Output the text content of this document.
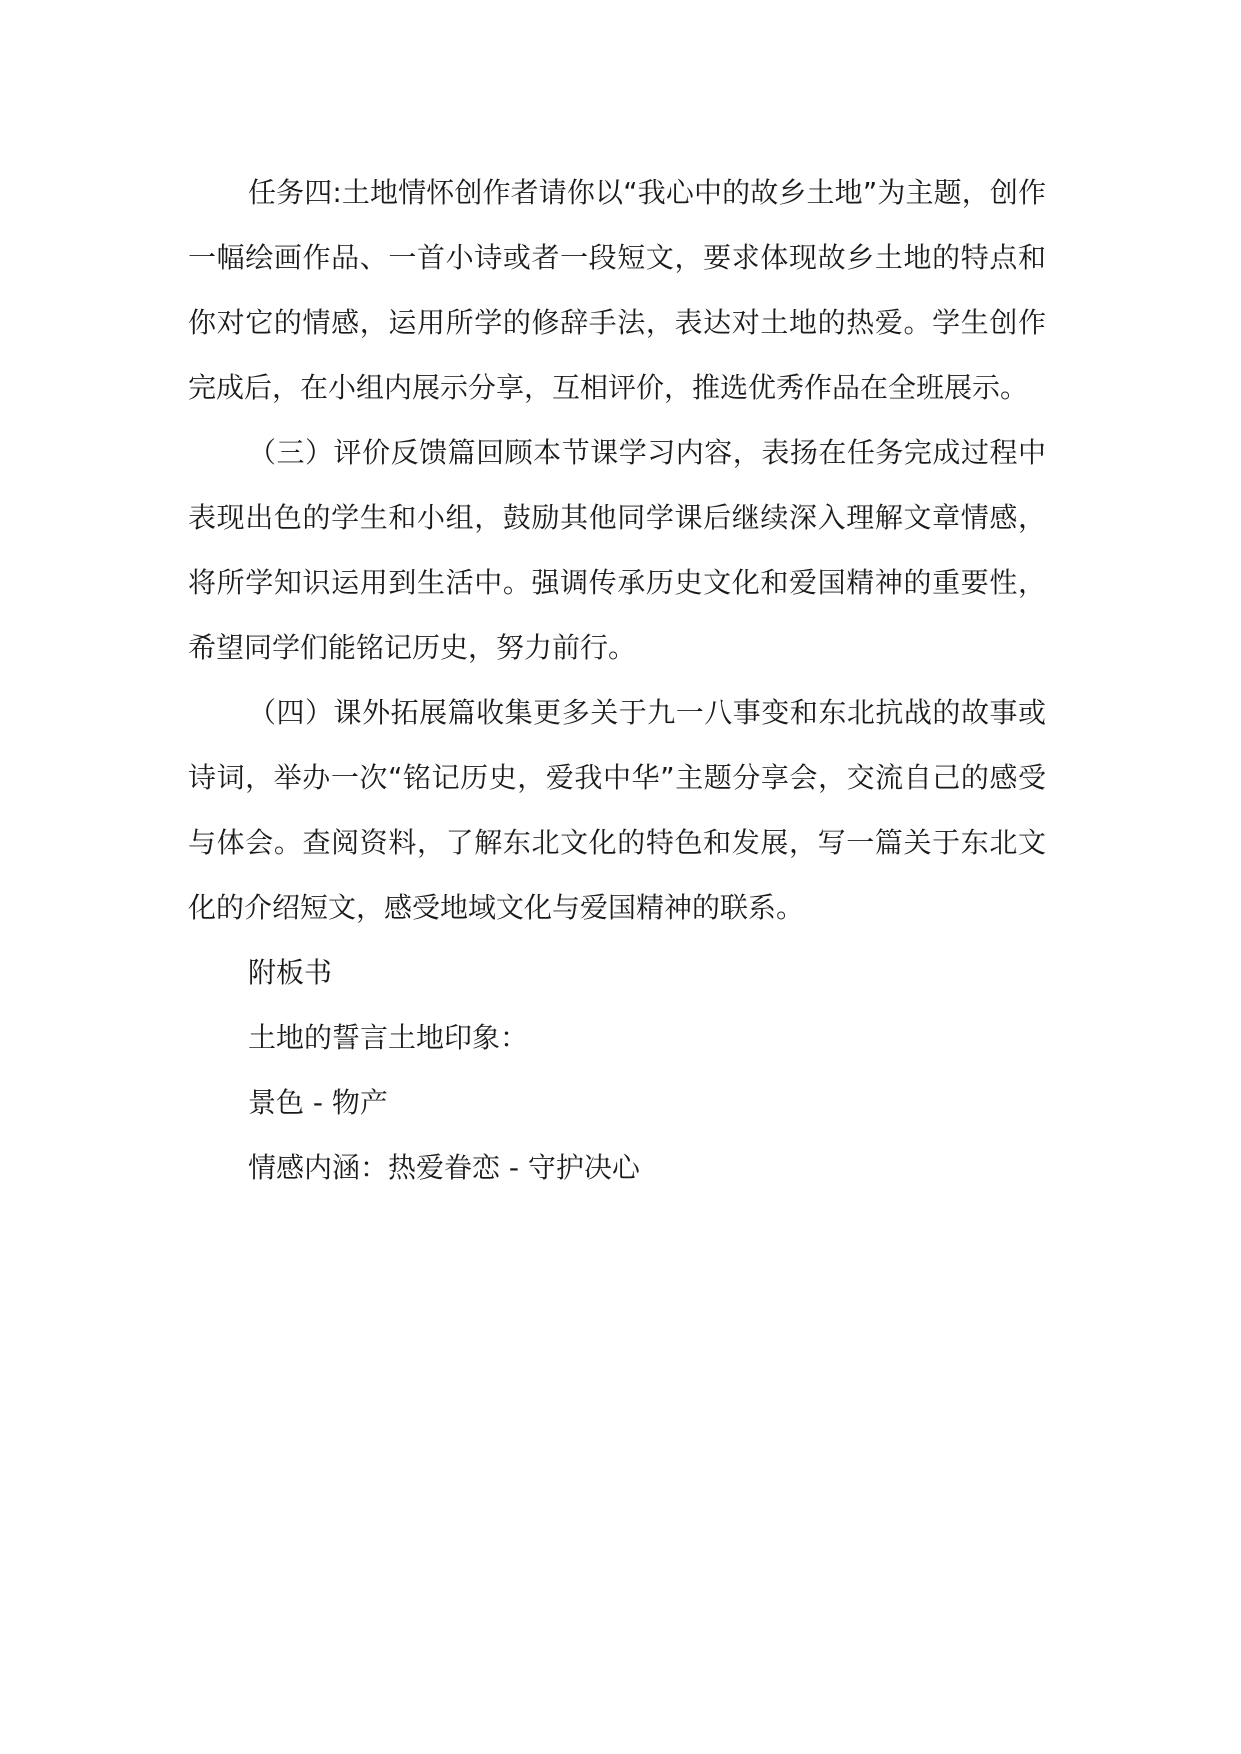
任务四:土地情怀创作者请你以“我心中的故乡土地”为主题，创作一幅绘画作品、一首小诗或者一段短文，要求体现故乡土地的特点和你对它的情感，运用所学的修辞手法，表达对土地的热爱。学生创作完成后，在小组内展示分享，互相评价，推选优秀作品在全班展示。

（三）评价反馈篇回顾本节课学习内容，表扬在任务完成过程中表现出色的学生和小组，鼓励其他同学课后继续深入理解文章情感，将所学知识运用到生活中。强调传承历史文化和爱国精神的重要性，希望同学们能铭记历史，努力前行。

（四）课外拓展篇收集更多关于九一八事变和东北抗战的故事或诗词，举办一次“铭记历史，爱我中华”主题分享会，交流自己的感受与体会。查阅资料，了解东北文化的特色和发展，写一篇关于东北文化的介绍短文，感受地域文化与爱国精神的联系。

附板书

土地的誓言土地印象：

景色 - 物产

情感内涵：热爱眷恋 - 守护决心
